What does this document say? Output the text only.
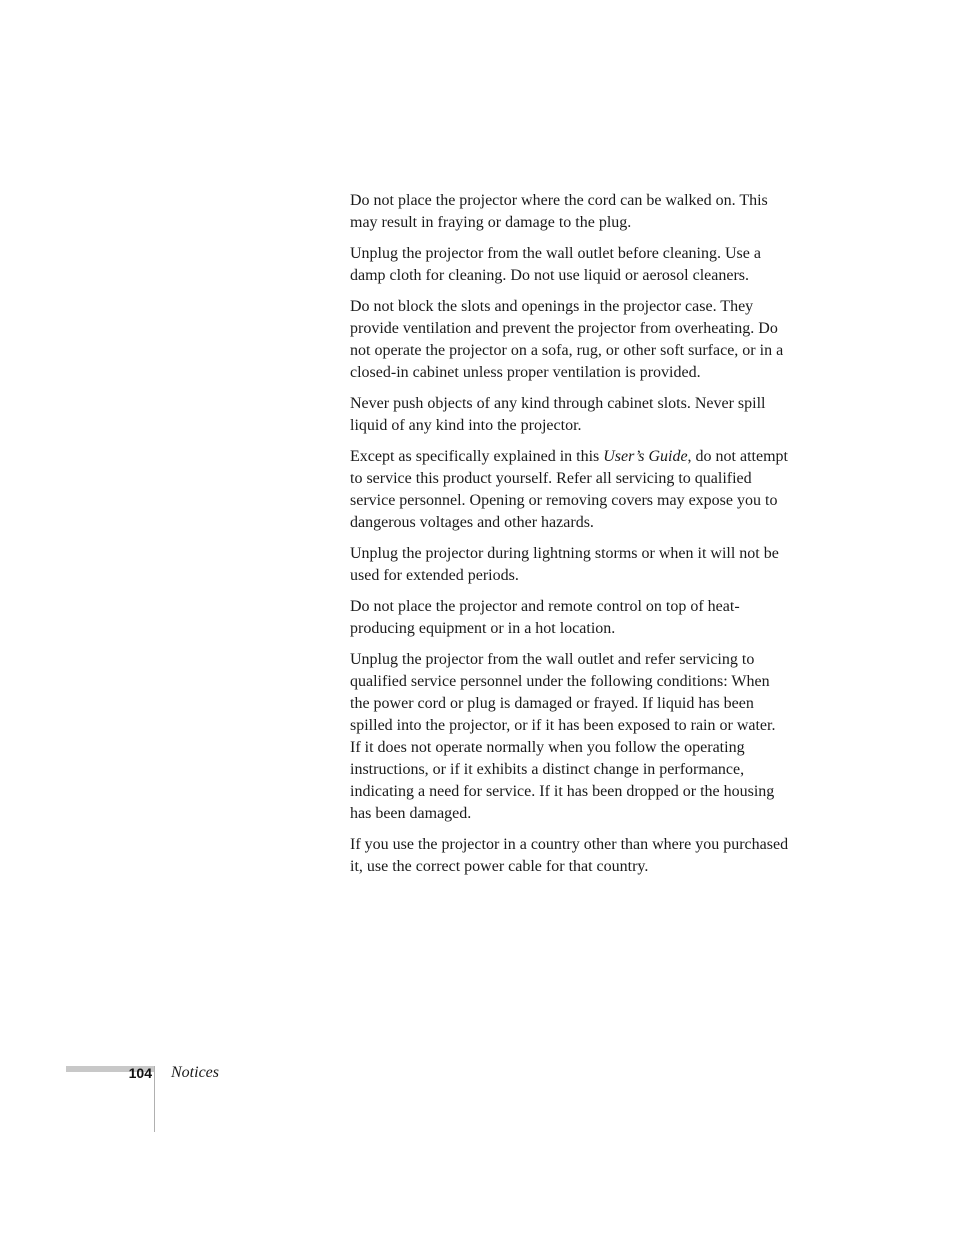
Do not place the projector where the cord can be walked on. This may result in fraying or damage to the plug.

Unplug the projector from the wall outlet before cleaning. Use a damp cloth for cleaning. Do not use liquid or aerosol cleaners.

Do not block the slots and openings in the projector case. They provide ventilation and prevent the projector from overheating. Do not operate the projector on a sofa, rug, or other soft surface, or in a closed-in cabinet unless proper ventilation is provided.

Never push objects of any kind through cabinet slots. Never spill liquid of any kind into the projector.

Except as specifically explained in this User’s Guide, do not attempt to service this product yourself. Refer all servicing to qualified service personnel. Opening or removing covers may expose you to dangerous voltages and other hazards.

Unplug the projector during lightning storms or when it will not be used for extended periods.

Do not place the projector and remote control on top of heat-producing equipment or in a hot location.

Unplug the projector from the wall outlet and refer servicing to qualified service personnel under the following conditions: When the power cord or plug is damaged or frayed. If liquid has been spilled into the projector, or if it has been exposed to rain or water. If it does not operate normally when you follow the operating instructions, or if it exhibits a distinct change in performance, indicating a need for service. If it has been dropped or the housing has been damaged.

If you use the projector in a country other than where you purchased it, use the correct power cable for that country.

104 Notices
